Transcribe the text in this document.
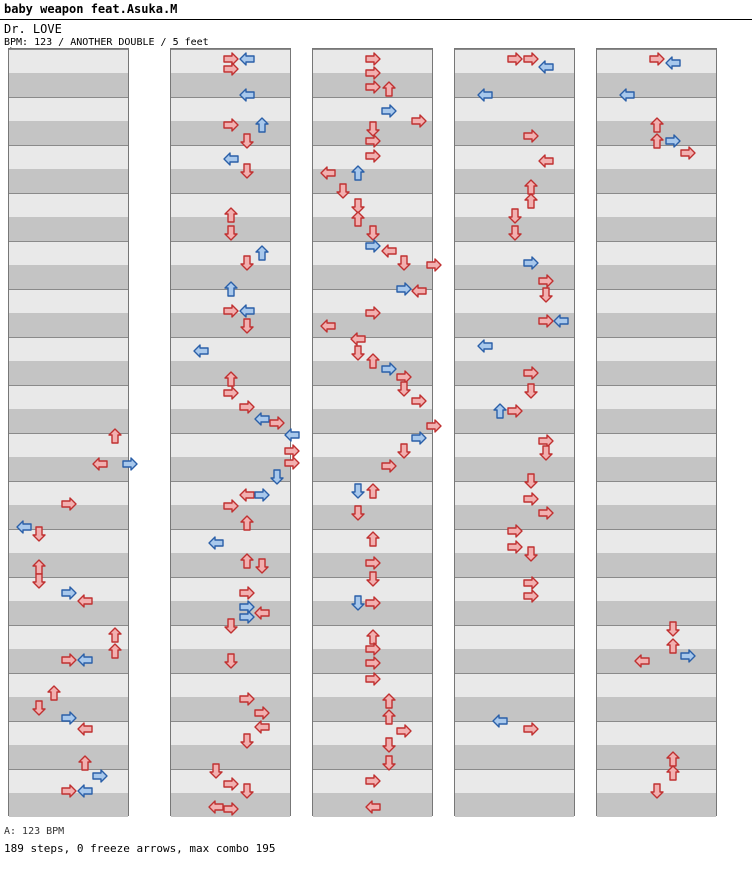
baby weapon feat.Asuka.M
Dr. LOVE
BPM: 123 / ANOTHER DOUBLE / 5 feet
A: 123 BPM
189 steps, 0 freeze arrows, max combo 195
